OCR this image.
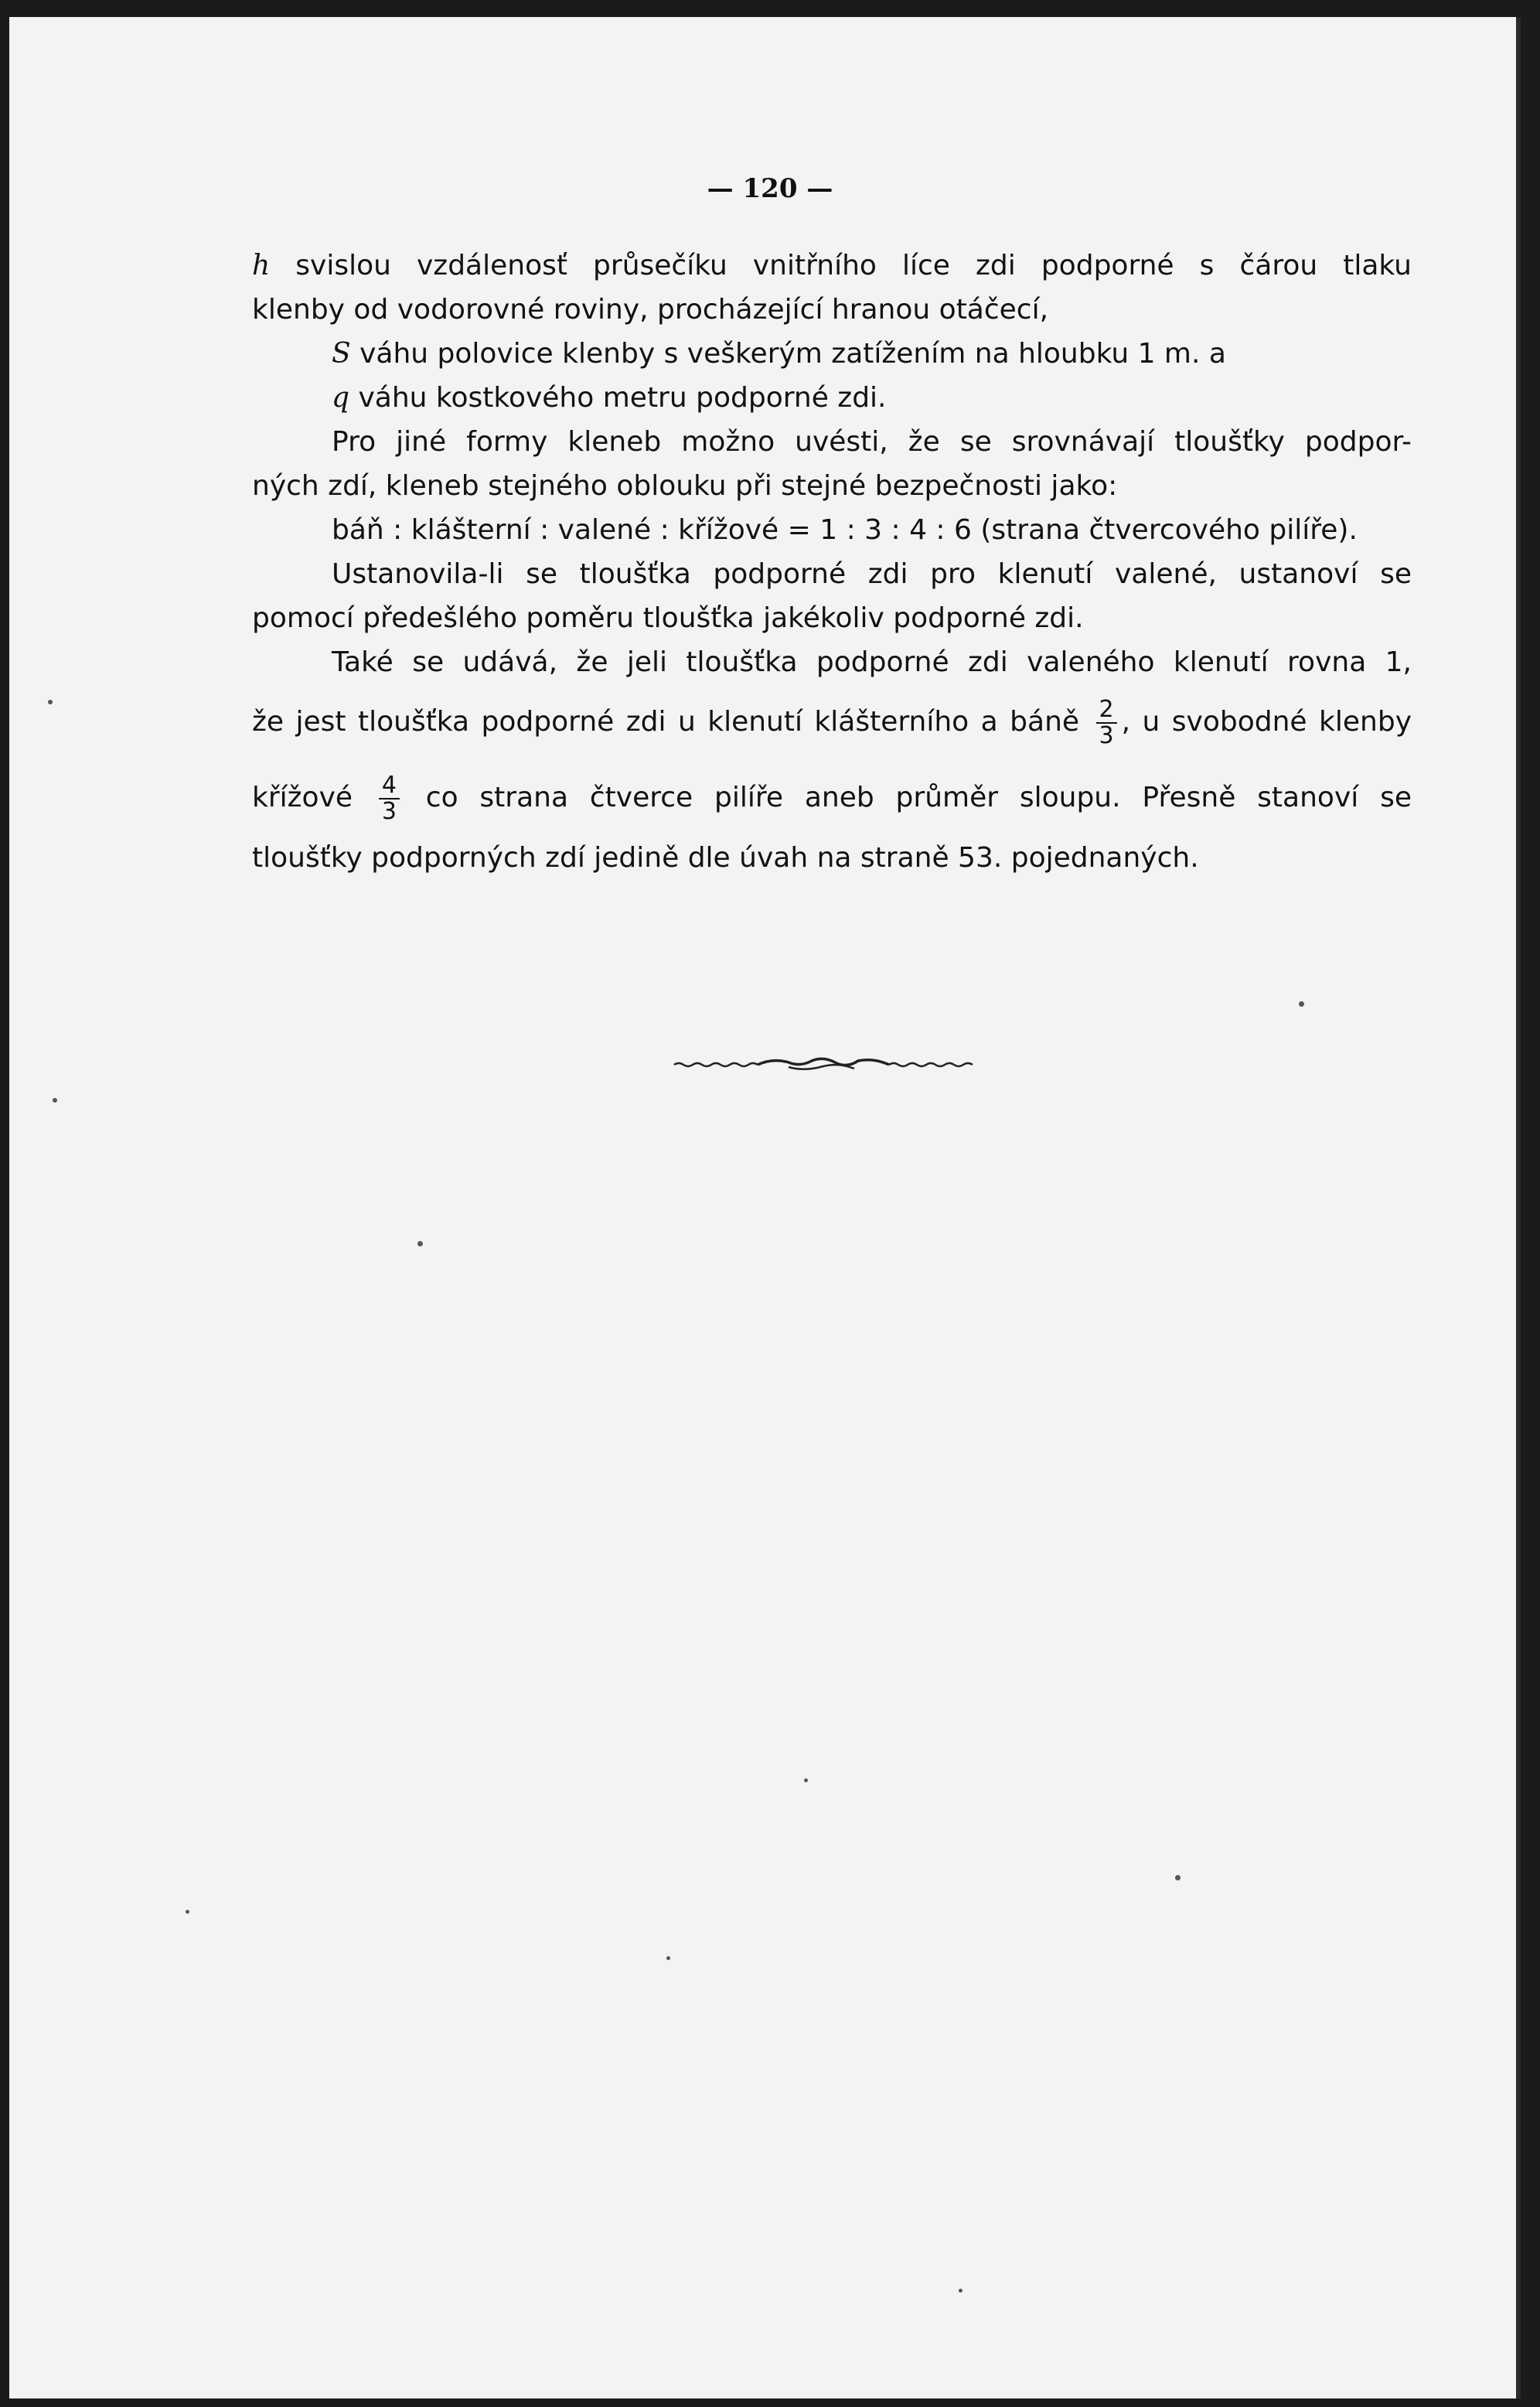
— 120 —
h svislou vzdálenosť průsečíku vnitřního líce zdi podporné s čárou tlaku
klenby od vodorovné roviny, procházející hranou otáčecí,
S váhu polovice klenby s veškerým zatížením na hloubku 1 m. a
q váhu kostkového metru podporné zdi.
Pro jiné formy kleneb možno uvésti, že se srovnávají tloušťky podpor-
ných zdí, kleneb stejného oblouku při stejné bezpečnosti jako:
báň : klášterní : valené : křížové = 1 : 3 : 4 : 6 (strana čtvercového pilíře).
Ustanovila-li se tloušťka podporné zdi pro klenutí valené, ustanoví se
pomocí předešlého poměru tloušťka jakékoliv podporné zdi.
Také se udává, že jeli tloušťka podporné zdi valeného klenutí rovna 1,
že jest tloušťka podporné zdi u klenutí klášterního a báně $\frac{2}{3}$ , u svobodné klenby
křížové $\frac{4}{3}$ co strana čtverce pilíře aneb průměr sloupu. Přesně stanoví se
tloušťky podporných zdí jedině dle úvah na straně 53. pojednaných.
